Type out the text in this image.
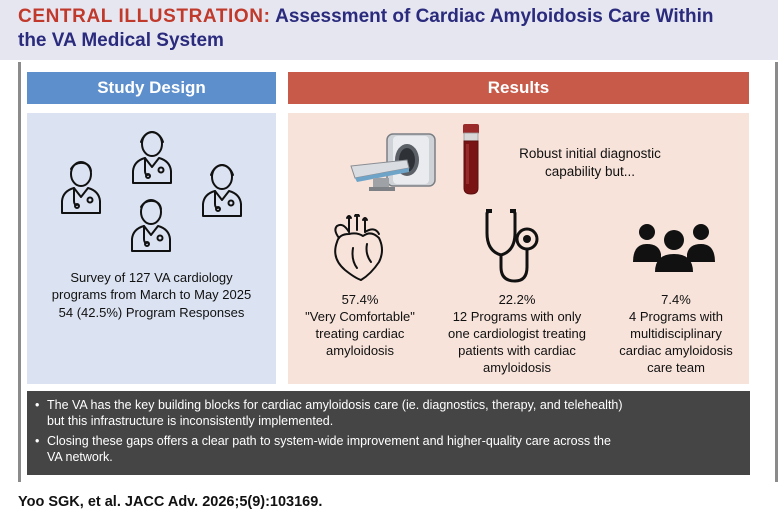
CENTRAL ILLUSTRATION: Assessment of Cardiac Amyloidosis Care Within
the VA Medical System
Study Design	Results
Survey of 127 VA cardiology
programs from March to May 2025
54 (42.5%) Program Responses
Robust initial diagnostic
capability but...
57.4%
"Very Comfortable"
treating cardiac
amyloidosis
22.2%
12 Programs with only
one cardiologist treating
patients with cardiac
amyloidosis
7.4%
4 Programs with
multidisciplinary
cardiac amyloidosis
care team
• The VA has the key building blocks for cardiac amyloidosis care (ie. diagnostics, therapy, and telehealth)
but this infrastructure is inconsistently implemented.
• Closing these gaps offers a clear path to system-wide improvement and higher-quality care across the
VA network.
Yoo SGK, et al. JACC Adv. 2026;5(9):103169.
